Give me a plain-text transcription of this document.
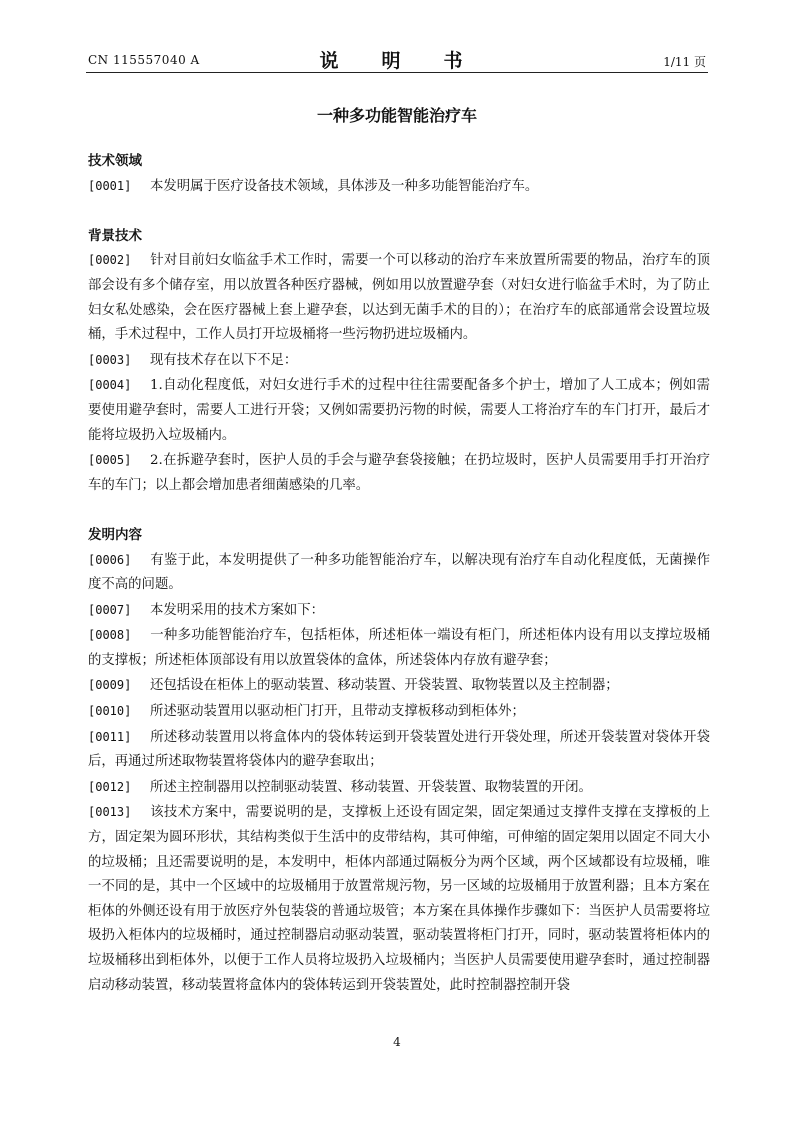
CN 115557040 A	说　明　书	1/11 页
一种多功能智能治疗车
技术领域

[0001] 本发明属于医疗设备技术领域，具体涉及一种多功能智能治疗车。

背景技术

[0002] 针对目前妇女临盆手术工作时，需要一个可以移动的治疗车来放置所需要的物品，治疗车的顶部会设有多个储存室，用以放置各种医疗器械，例如用以放置避孕套（对妇女进行临盆手术时，为了防止妇女私处感染，会在医疗器械上套上避孕套，以达到无菌手术的目的）；在治疗车的底部通常会设置垃圾桶，手术过程中，工作人员打开垃圾桶将一些污物扔进垃圾桶内。

[0003] 现有技术存在以下不足：

[0004] 1.自动化程度低，对妇女进行手术的过程中往往需要配备多个护士，增加了人工成本；例如需要使用避孕套时，需要人工进行开袋；又例如需要扔污物的时候，需要人工将治疗车的车门打开，最后才能将垃圾扔入垃圾桶内。

[0005] 2.在拆避孕套时，医护人员的手会与避孕套袋接触；在扔垃圾时，医护人员需要用手打开治疗车的车门；以上都会增加患者细菌感染的几率。

发明内容

[0006] 有鉴于此，本发明提供了一种多功能智能治疗车，以解决现有治疗车自动化程度低，无菌操作度不高的问题。

[0007] 本发明采用的技术方案如下：

[0008] 一种多功能智能治疗车，包括柜体，所述柜体一端设有柜门，所述柜体内设有用以支撑垃圾桶的支撑板；所述柜体顶部设有用以放置袋体的盒体，所述袋体内存放有避孕套；

[0009] 还包括设在柜体上的驱动装置、移动装置、开袋装置、取物装置以及主控制器；

[0010] 所述驱动装置用以驱动柜门打开，且带动支撑板移动到柜体外；

[0011] 所述移动装置用以将盒体内的袋体转运到开袋装置处进行开袋处理，所述开袋装置对袋体开袋后，再通过所述取物装置将袋体内的避孕套取出；

[0012] 所述主控制器用以控制驱动装置、移动装置、开袋装置、取物装置的开闭。

[0013] 该技术方案中，需要说明的是，支撑板上还设有固定架，固定架通过支撑件支撑在支撑板的上方，固定架为圆环形状，其结构类似于生活中的皮带结构，其可伸缩，可伸缩的固定架用以固定不同大小的垃圾桶；且还需要说明的是，本发明中，柜体内部通过隔板分为两个区域，两个区域都设有垃圾桶，唯一不同的是，其中一个区域中的垃圾桶用于放置常规污物，另一区域的垃圾桶用于放置利器；且本方案在柜体的外侧还设有用于放医疗外包装袋的普通垃圾管；本方案在具体操作步骤如下：当医护人员需要将垃圾扔入柜体内的垃圾桶时，通过控制器启动驱动装置，驱动装置将柜门打开，同时，驱动装置将柜体内的垃圾桶移出到柜体外，以便于工作人员将垃圾扔入垃圾桶内；当医护人员需要使用避孕套时，通过控制器启动移动装置，移动装置将盒体内的袋体转运到开袋装置处，此时控制器控制开袋

4
